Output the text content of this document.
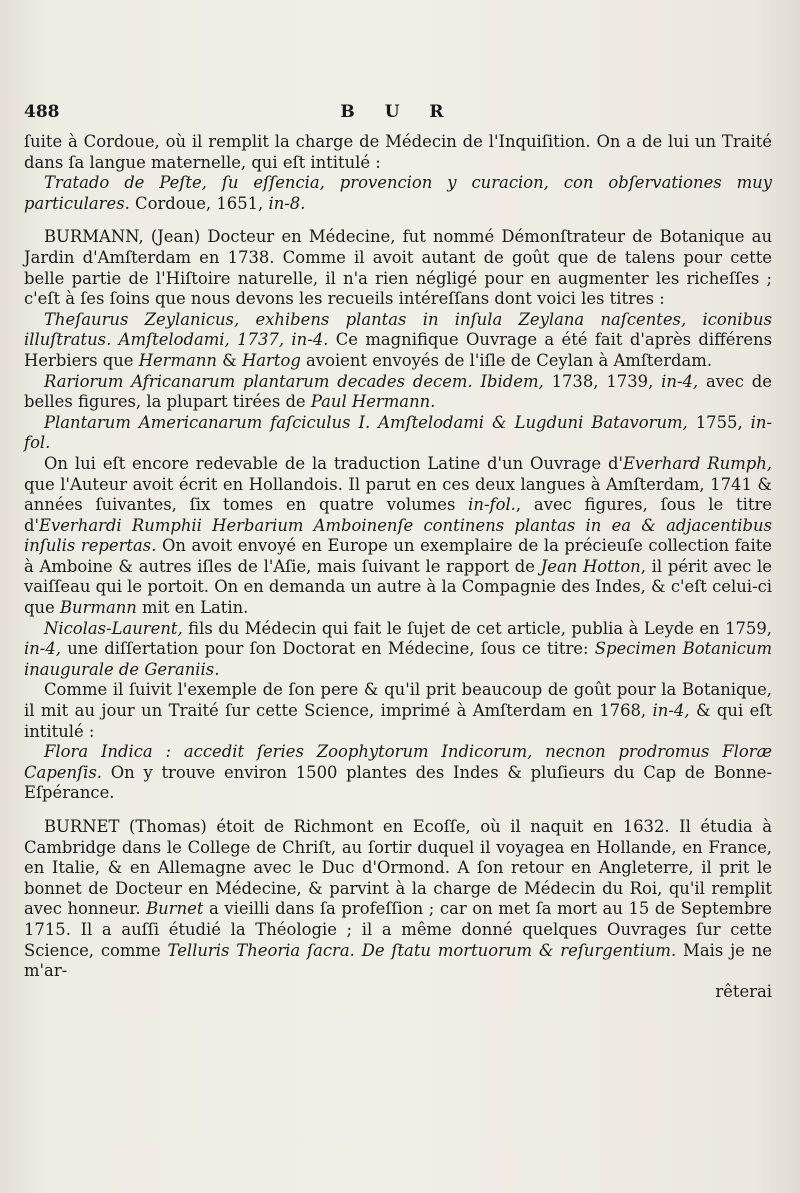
488	B U R

ſuite à Cordoue, où il remplit la charge de Médecin de l'Inquiſition. On a de lui un Traité dans ſa langue maternelle, qui eſt intitulé :

Tratado de Peſte, ſu eſſencia, provencion y curacion, con obſervationes muy particulares. Cordoue, 1651, in-8.

BURMANN, (Jean) Docteur en Médecine, fut nommé Démonſtrateur de Botanique au Jardin d'Amſterdam en 1738. Comme il avoit autant de goût que de talens pour cette belle partie de l'Hiſtoire naturelle, il n'a rien négligé pour en augmenter les richeſſes ; c'eſt à ſes ſoins que nous devons les recueils intéreſſans dont voici les titres :

Theſaurus Zeylanicus, exhibens plantas in inſula Zeylana naſcentes, iconibus illuſtratus. Amſtelodami, 1737, in-4. Ce magnifique Ouvrage a été fait d'après différens Herbiers que Hermann & Hartog avoient envoyés de l'iſle de Ceylan à Amſterdam.

Rariorum Africanarum plantarum decades decem. Ibidem, 1738, 1739, in-4, avec de belles figures, la plupart tirées de Paul Hermann.

Plantarum Americanarum faſciculus I. Amſtelodami & Lugduni Batavorum, 1755, in-fol.

On lui eſt encore redevable de la traduction Latine d'un Ouvrage d'Everhard Rumph, que l'Auteur avoit écrit en Hollandois. Il parut en ces deux langues à Amſterdam, 1741 & années ſuivantes, ſix tomes en quatre volumes in-fol., avec figures, ſous le titre d'Everhardi Rumphii Herbarium Amboinenſe continens plantas in ea & adjacentibus inſulis repertas. On avoit envoyé en Europe un exemplaire de la précieuſe collection faite à Amboine & autres iſles de l'Aſie, mais ſuivant le rapport de Jean Hotton, il périt avec le vaiſſeau qui le portoit. On en demanda un autre à la Compagnie des Indes, & c'eſt celui-ci que Burmann mit en Latin.

Nicolas-Laurent, fils du Médecin qui fait le ſujet de cet article, publia à Leyde en 1759, in-4, une diſſertation pour ſon Doctorat en Médecine, ſous ce titre: Specimen Botanicum inaugurale de Geraniis.

Comme il ſuivit l'exemple de ſon pere & qu'il prit beaucoup de goût pour la Botanique, il mit au jour un Traité ſur cette Science, imprimé à Amſterdam en 1768, in-4, & qui eſt intitulé :

Flora Indica : accedit ſeries Zoophytorum Indicorum, necnon prodromus Floræ Capenſis. On y trouve environ 1500 plantes des Indes & pluſieurs du Cap de Bonne-Eſpérance.

BURNET (Thomas) étoit de Richmont en Ecoſſe, où il naquit en 1632. Il étudia à Cambridge dans le College de Chriſt, au ſortir duquel il voyagea en Hollande, en France, en Italie, & en Allemagne avec le Duc d'Ormond. A ſon retour en Angleterre, il prit le bonnet de Docteur en Médecine, & parvint à la charge de Médecin du Roi, qu'il remplit avec honneur. Burnet a vieilli dans ſa profeſſion ; car on met ſa mort au 15 de Septembre 1715. Il a auſſi étudié la Théologie ; il a même donné quelques Ouvrages ſur cette Science, comme Telluris Theoria ſacra. De ſtatu mortuorum & reſurgentium. Mais je ne m'ar-

rêterai
